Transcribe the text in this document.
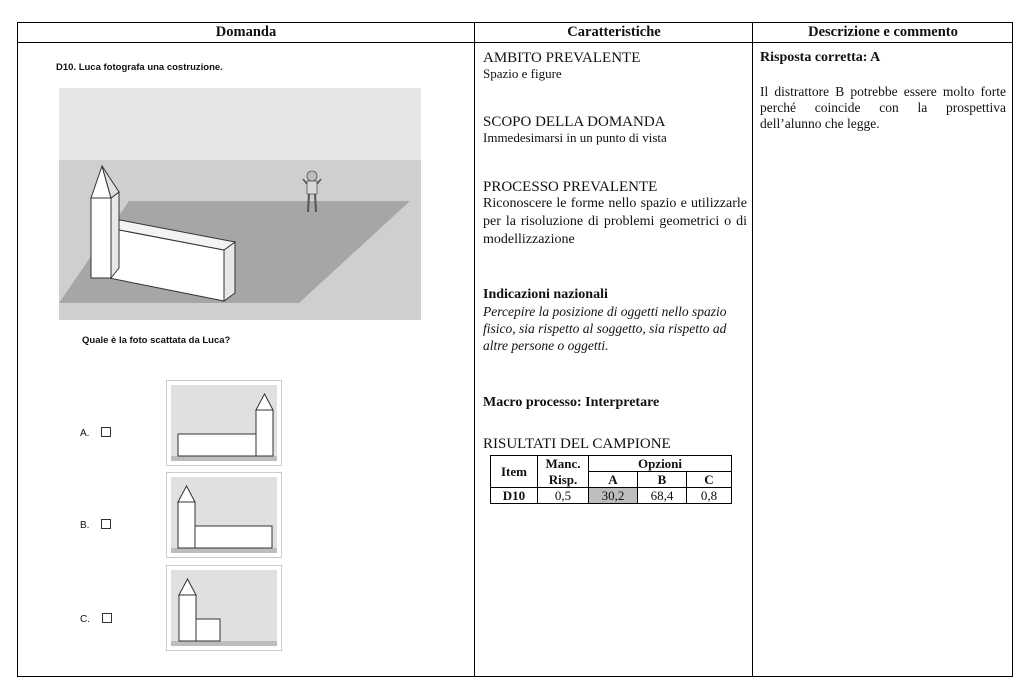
Domanda	Caratteristiche	Descrizione e commento
D10. Luca fotografa una costruzione.
Quale è la foto scattata da Luca?
A.
B.
C.
AMBITO PREVALENTE
Spazio e figure
SCOPO DELLA DOMANDA
Immedesimarsi in un punto di vista
PROCESSO PREVALENTE
Riconoscere le forme nello spazio e utilizzarle per la risoluzione di problemi geometrici o di modellizzazione
Indicazioni nazionali
Percepire la posizione di oggetti nello spazio fisico, sia rispetto al soggetto, sia rispetto ad altre persone o oggetti.
Macro processo: Interpretare
RISULTATI DEL CAMPIONE
Item	Manc.	Opzioni		
	Risp.	A	B	C
D10	0,5	30,2	68,4	0,8
Risposta corretta: A
Il distrattore B potrebbe essere molto forte perché coincide con la prospettiva dell’alunno che legge.
